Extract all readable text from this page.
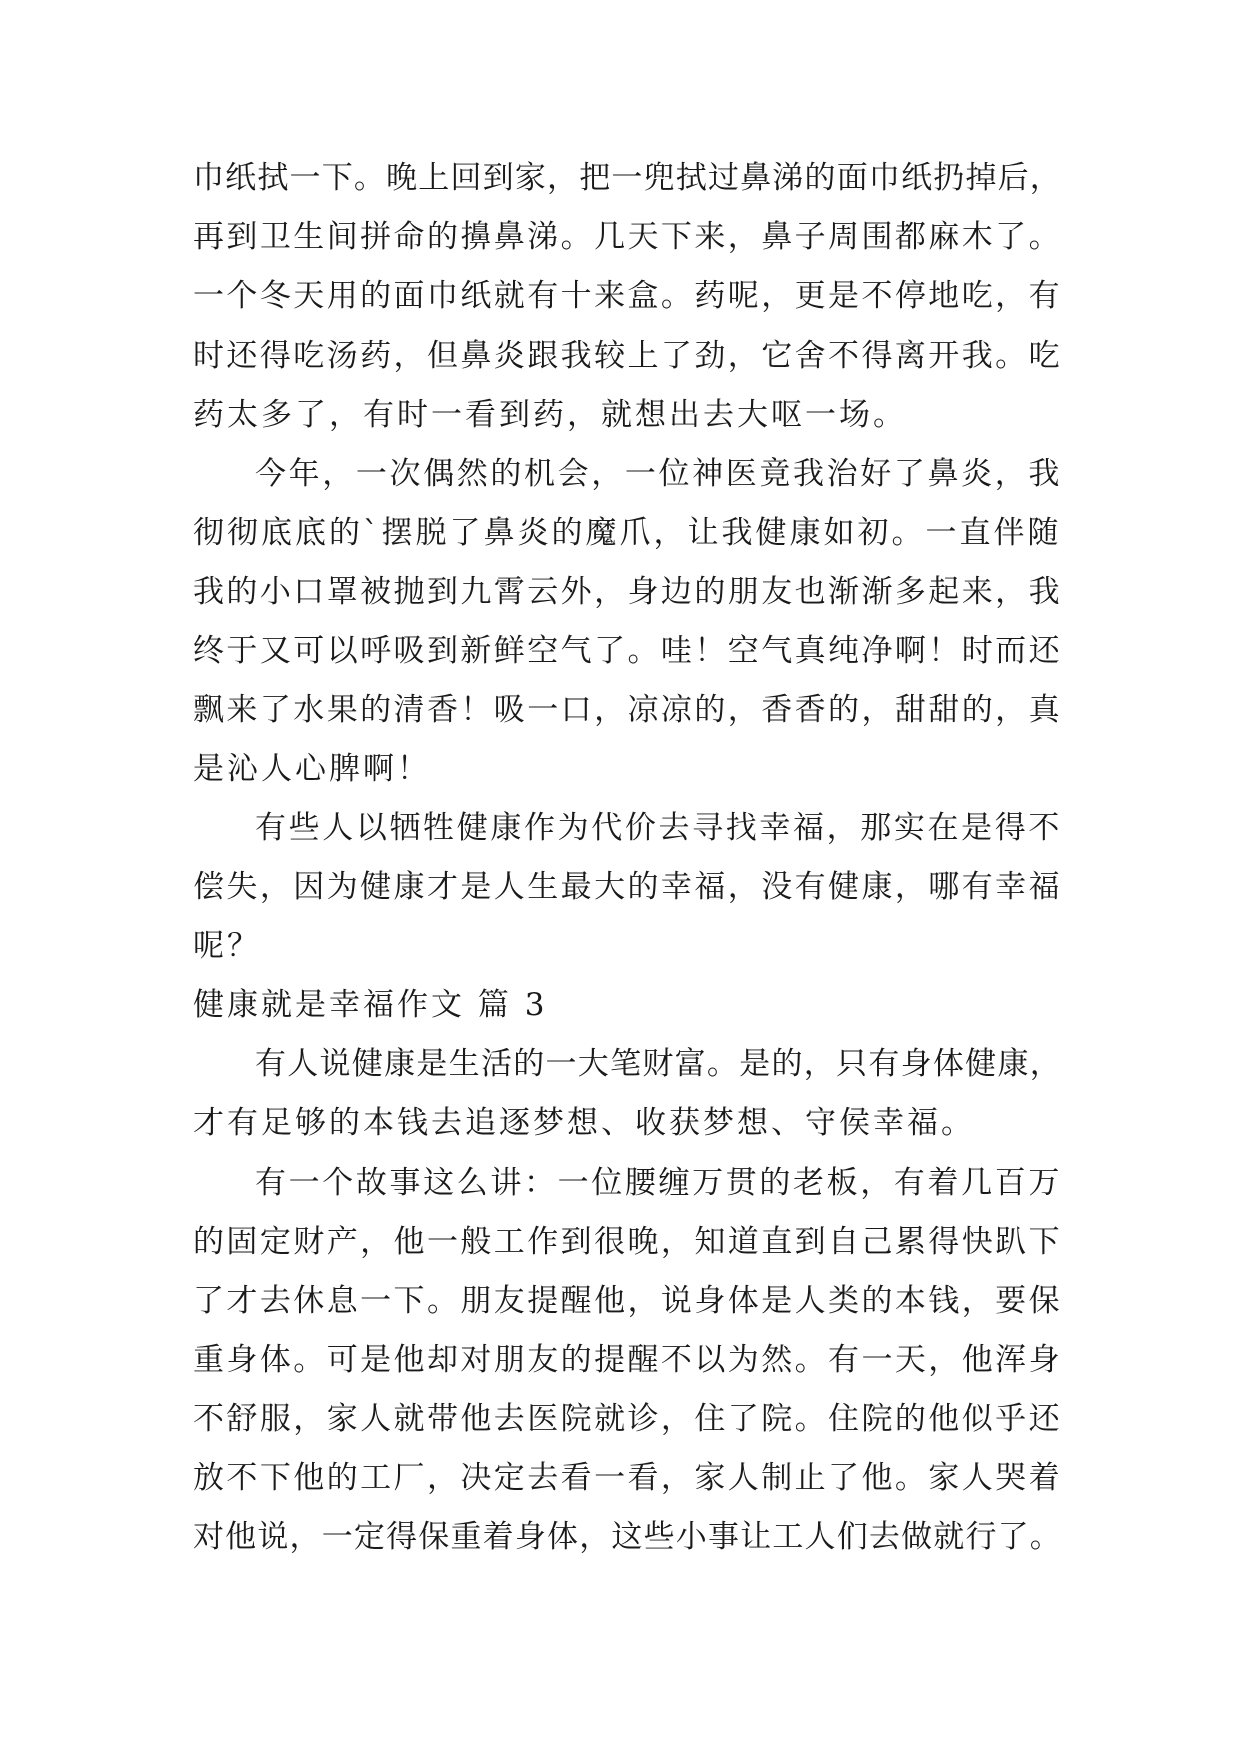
巾纸拭一下。晚上回到家，把一兜拭过鼻涕的面巾纸扔掉后，

再到卫生间拼命的擤鼻涕。几天下来，鼻子周围都麻木了。

一个冬天用的面巾纸就有十来盒。药呢，更是不停地吃，有

时还得吃汤药，但鼻炎跟我较上了劲，它舍不得离开我。吃

药太多了，有时一看到药，就想出去大呕一场。

今年，一次偶然的机会，一位神医竟我治好了鼻炎，我

彻彻底底的`摆脱了鼻炎的魔爪，让我健康如初。一直伴随

我的小口罩被抛到九霄云外，身边的朋友也渐渐多起来，我

终于又可以呼吸到新鲜空气了。哇！空气真纯净啊！时而还

飘来了水果的清香！吸一口，凉凉的，香香的，甜甜的，真

是沁人心脾啊！

有些人以牺牲健康作为代价去寻找幸福，那实在是得不

偿失，因为健康才是人生最大的幸福，没有健康，哪有幸福

呢？

健康就是幸福作文 篇 3

有人说健康是生活的一大笔财富。是的，只有身体健康，

才有足够的本钱去追逐梦想、收获梦想、守侯幸福。

有一个故事这么讲：一位腰缠万贯的老板，有着几百万

的固定财产，他一般工作到很晚，知道直到自己累得快趴下

了才去休息一下。朋友提醒他，说身体是人类的本钱，要保

重身体。可是他却对朋友的提醒不以为然。有一天，他浑身

不舒服，家人就带他去医院就诊，住了院。住院的他似乎还

放不下他的工厂，决定去看一看，家人制止了他。家人哭着

对他说，一定得保重着身体，这些小事让工人们去做就行了。
